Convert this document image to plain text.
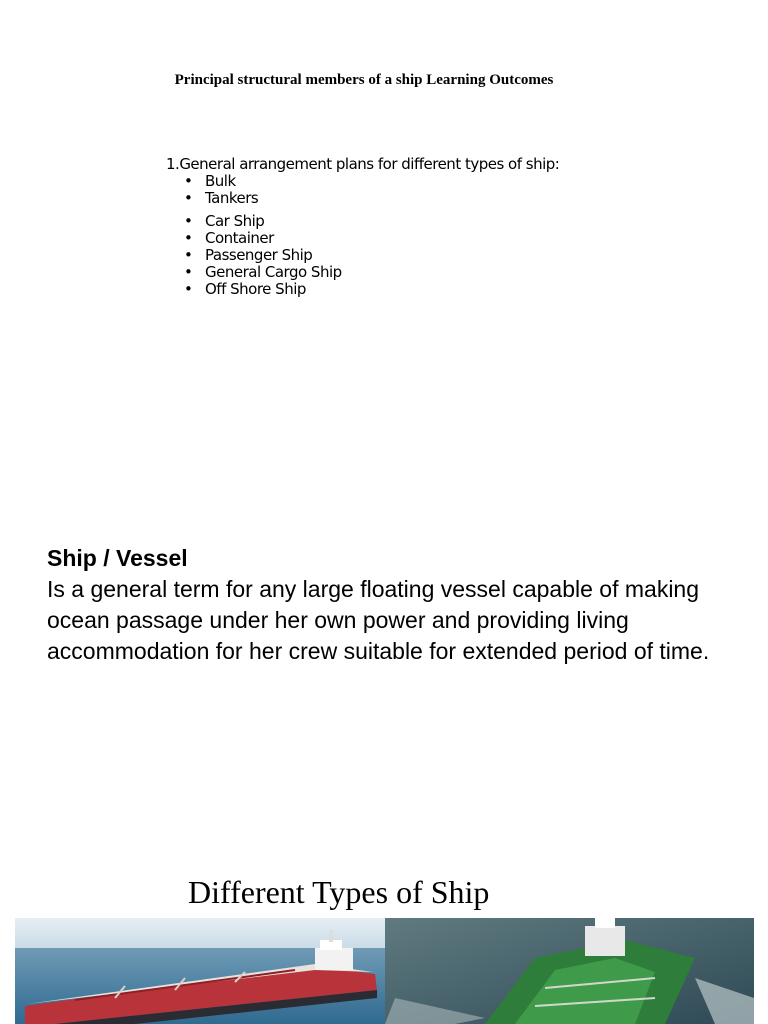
Principal structural members of a ship Learning Outcomes
1.General arrangement plans for different types of ship:
• Bulk
• Tankers
• Car Ship
• Container
• Passenger Ship
• General Cargo Ship
• Off Shore Ship
Ship / Vessel
Is a general term for any large floating vessel capable of making ocean passage under her own power and providing living accommodation for her crew suitable for extended period of time.
Different Types of Ship
